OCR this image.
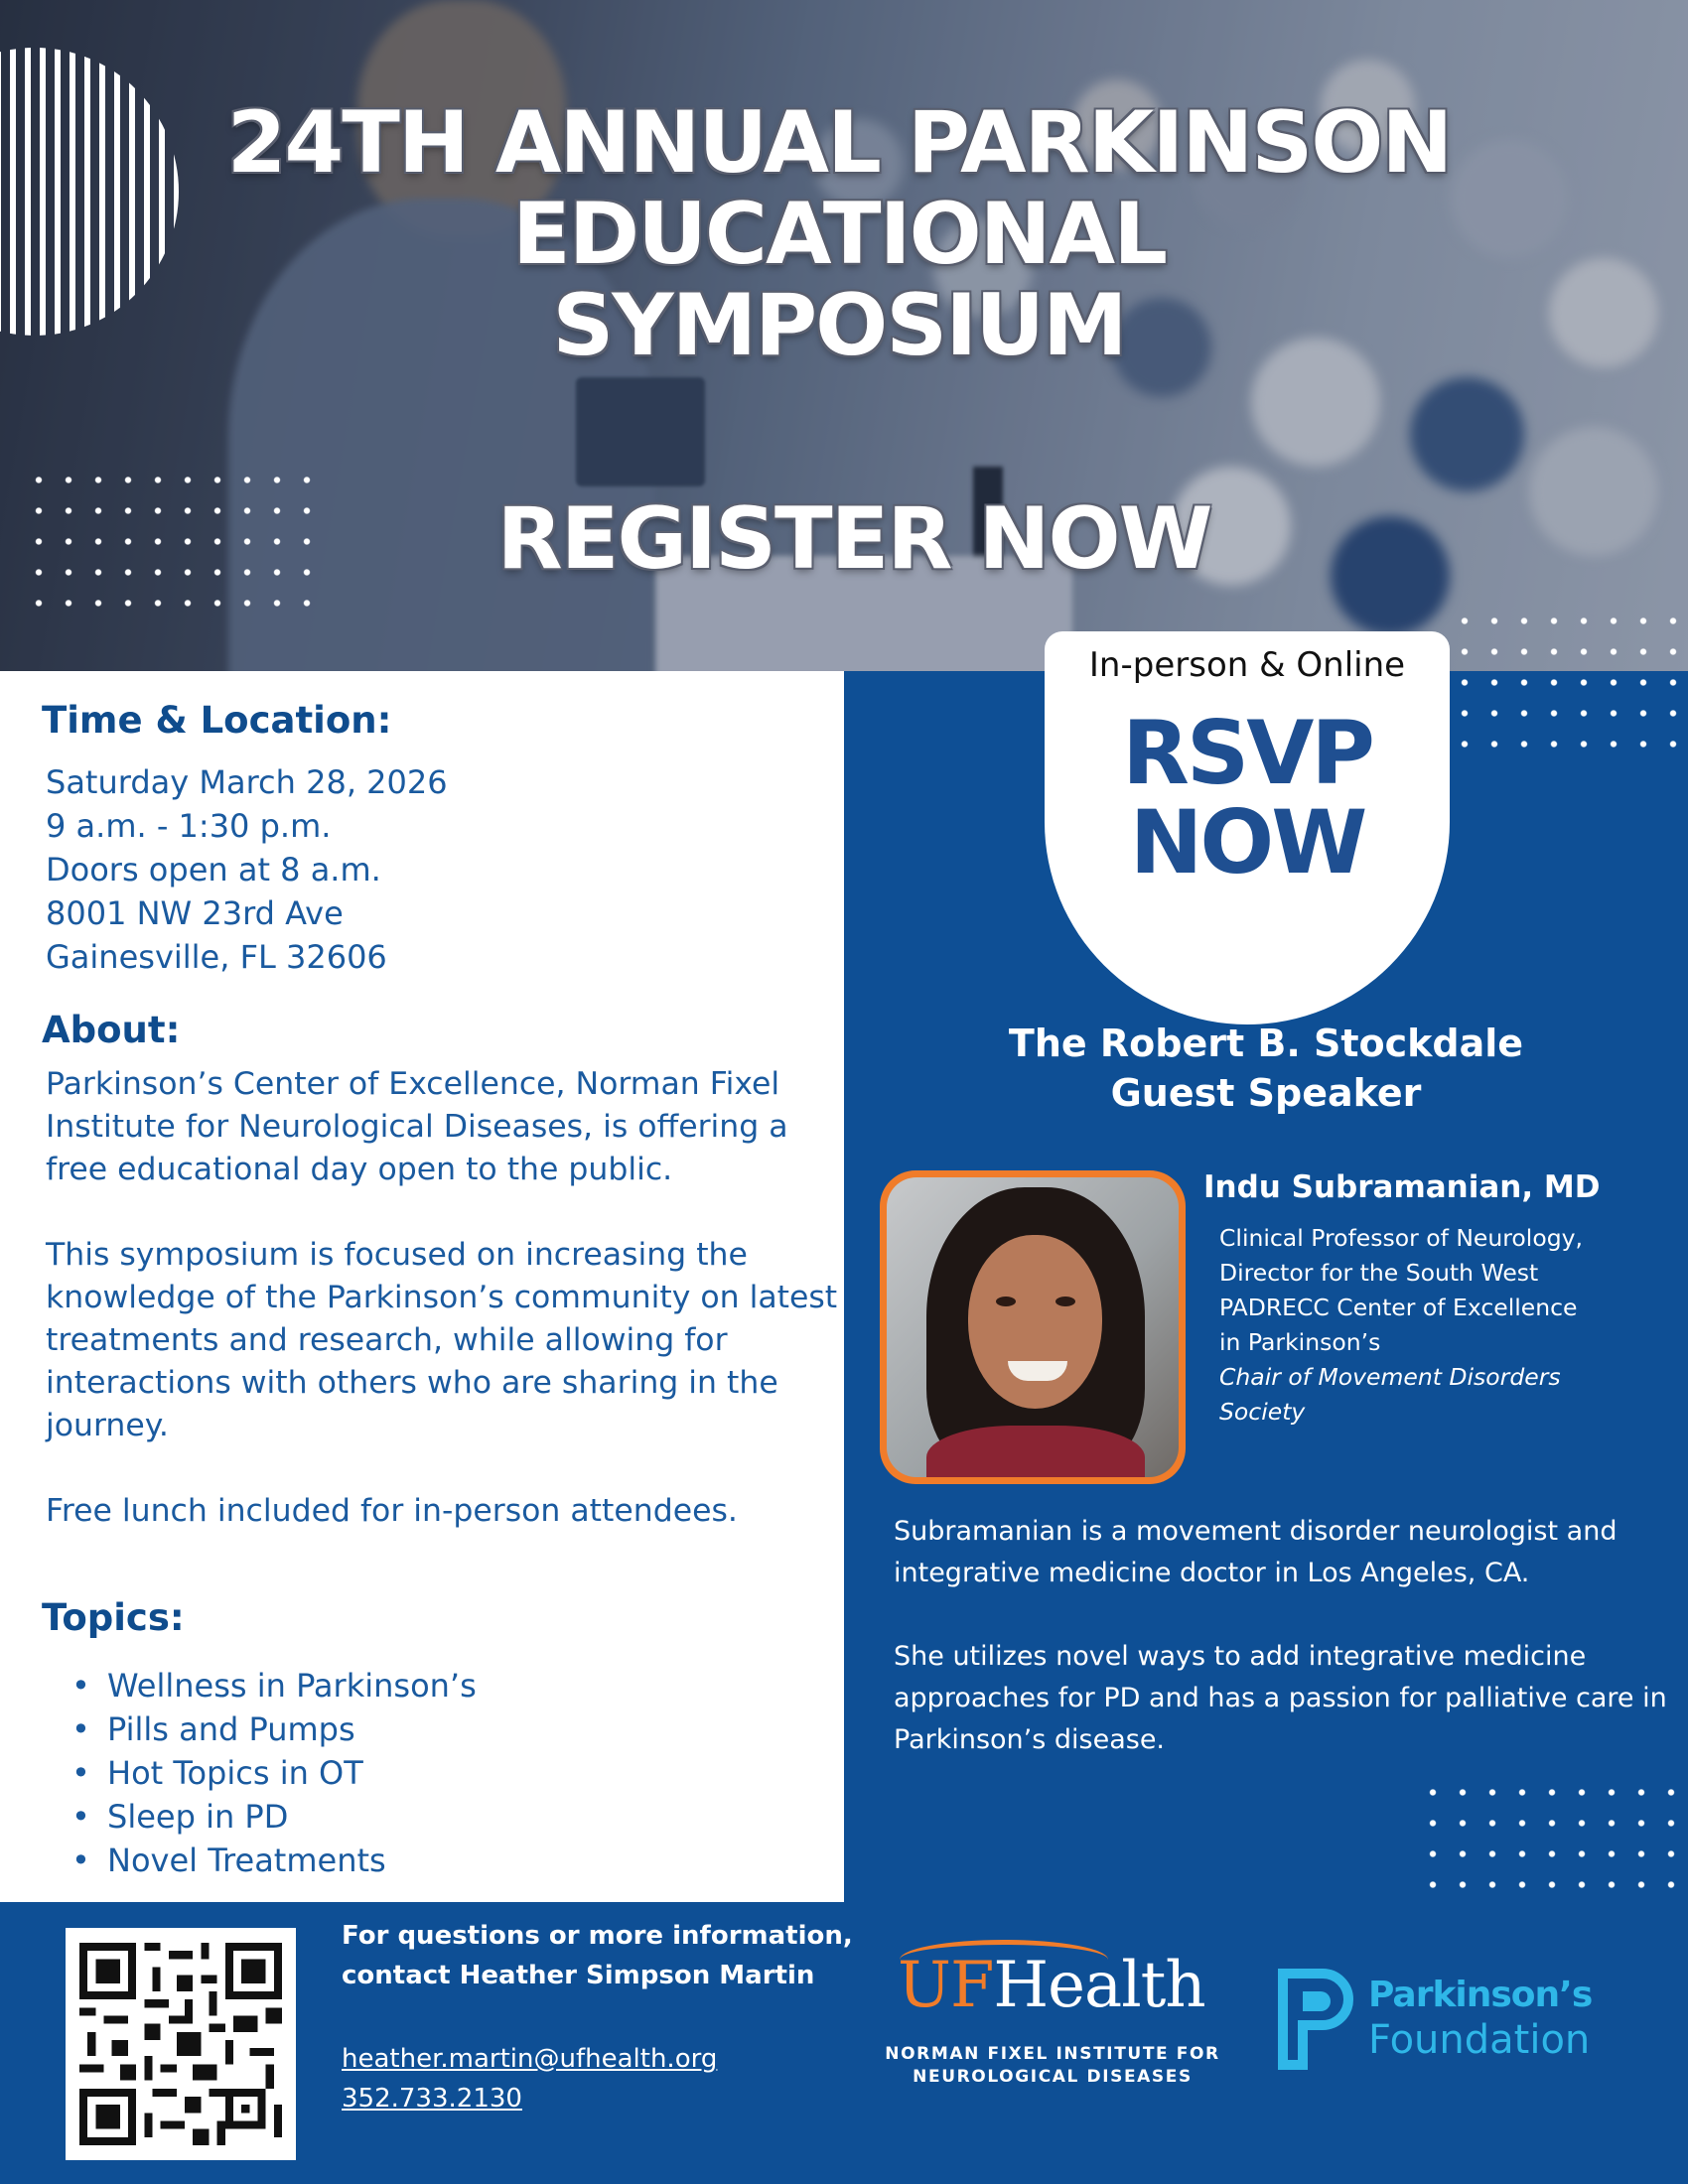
24TH ANNUAL PARKINSON
EDUCATIONAL
SYMPOSIUM
REGISTER NOW
Time & Location:
Saturday March 28, 2026
9 a.m. - 1:30 p.m.
Doors open at 8 a.m.
8001 NW 23rd Ave
Gainesville, FL 32606
About:

Parkinson’s Center of Excellence, Norman Fixel Institute for Neurological Diseases, is offering a free educational day open to the public.

This symposium is focused on increasing the knowledge of the Parkinson’s community on latest treatments and research, while allowing for interactions with others who are sharing in the journey.

Free lunch included for in-person attendees.

Topics:
• Wellness in Parkinson’s
• Pills and Pumps
• Hot Topics in OT
• Sleep in PD
• Novel Treatments
In-person & Online
RSVP
NOW
The Robert B. Stockdale
Guest Speaker
Indu Subramanian, MD
Clinical Professor of Neurology,
Director for the South West
PADRECC Center of Excellence
in Parkinson’s
Chair of Movement Disorders
Society

Subramanian is a movement disorder neurologist and integrative medicine doctor in Los Angeles, CA.

She utilizes novel ways to add integrative medicine approaches for PD and has a passion for palliative care in Parkinson’s disease.

For questions or more information, contact Heather Simpson Martin
heather.martin@ufhealth.org
352.733.2130
UFHealth
NORMAN FIXEL INSTITUTE FOR
NEUROLOGICAL DISEASES
Parkinson’s
Foundation
